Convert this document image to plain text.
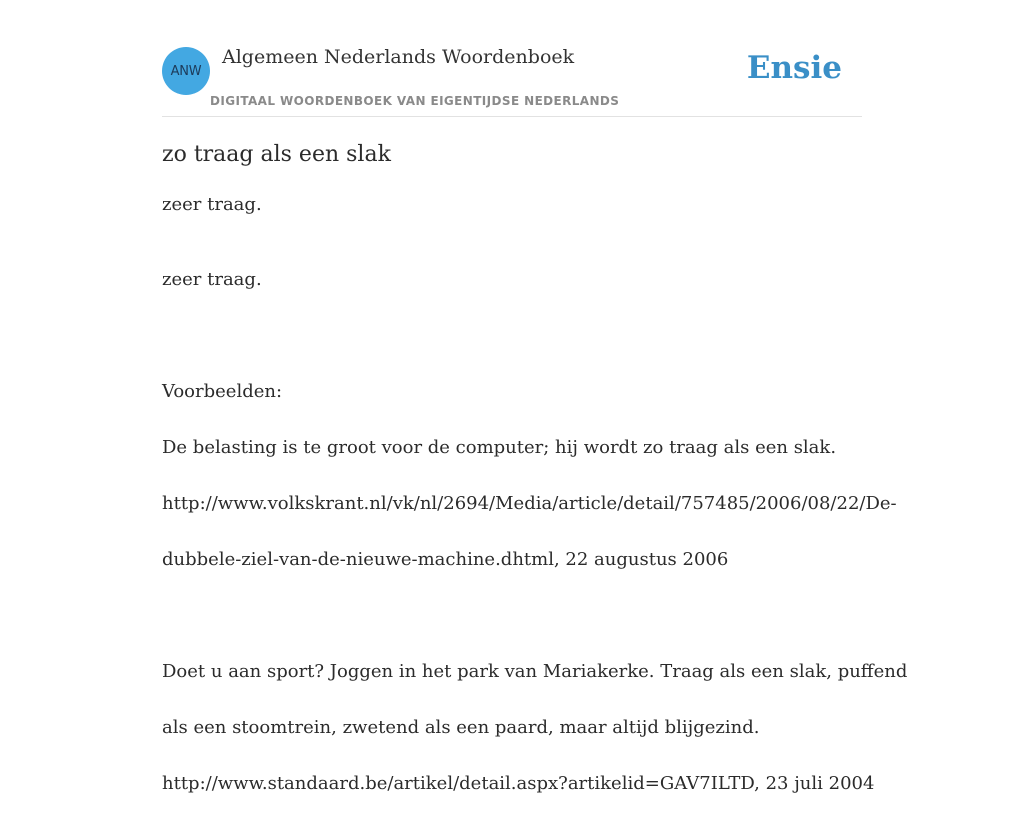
ANW
Algemeen Nederlands Woordenboek
DIGITAAL WOORDENBOEK VAN EIGENTIJDSE NEDERLANDS
Ensie
zo traag als een slak
zeer traag.

zeer traag.

Voorbeelden:

De belasting is te groot voor de computer; hij wordt zo traag als een slak.

http://www.volkskrant.nl/vk/nl/2694/Media/article/detail/757485/2006/08/22/De-

dubbele-ziel-van-de-nieuwe-machine.dhtml, 22 augustus 2006

Doet u aan sport? Joggen in het park van Mariakerke. Traag als een slak, puffend

als een stoomtrein, zwetend als een paard, maar altijd blijgezind.

http://www.standaard.be/artikel/detail.aspx?artikelid=GAV7ILTD, 23 juli 2004
